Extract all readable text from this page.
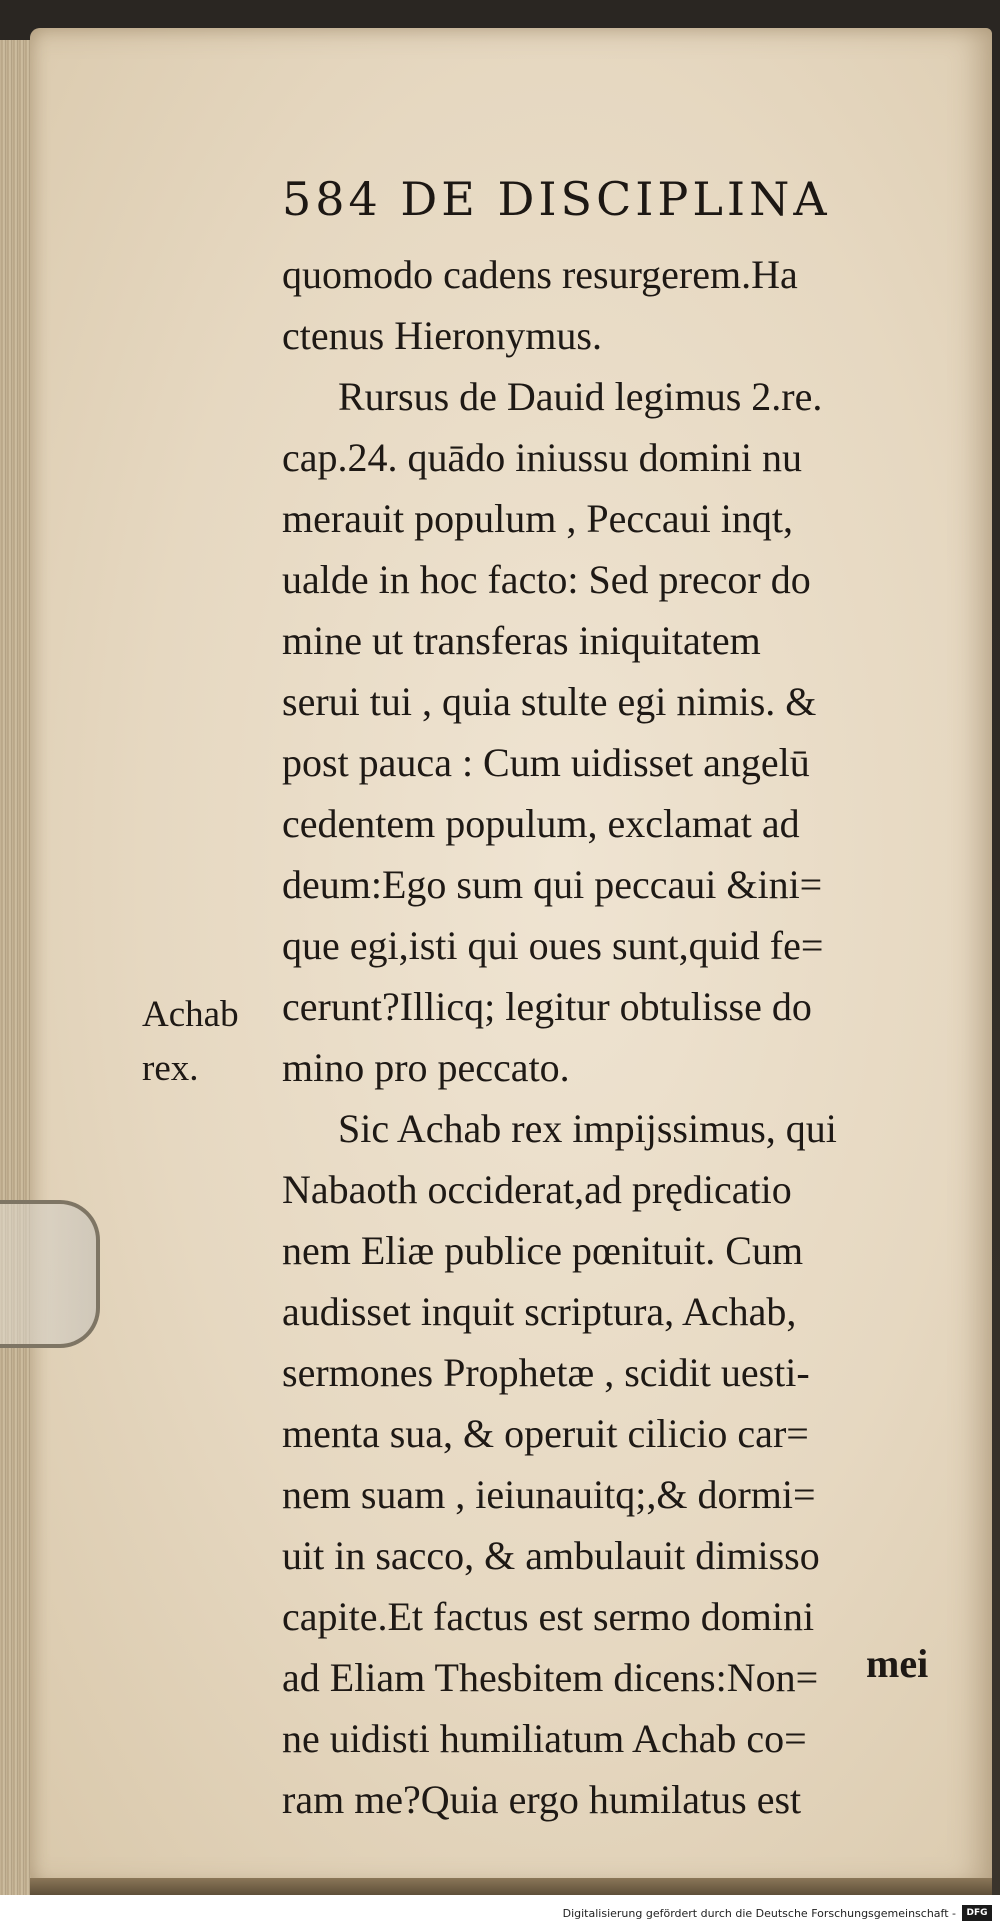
584 DE DISCIPLINA
quomodo cadens resurgerem.Ha
ctenus Hieronymus.
Rursus de Dauid legimus 2.re.
cap.24. quādo iniussu domini nu
merauit populum , Peccaui inqt,
ualde in hoc facto: Sed precor do
mine ut transferas iniquitatem
serui tui , quia stulte egi nimis. &
post pauca : Cum uidisset angelū
cedentem populum, exclamat ad
deum:Ego sum qui peccaui &ini=
que egi,isti qui oues sunt,quid fe=
cerunt?Illicq; legitur obtulisse do
mino pro peccato.
Sic Achab rex impijssimus, qui
Nabaoth occiderat,ad prędicatio
nem Eliæ publice pœnituit. Cum
audisset inquit scriptura, Achab,
sermones Prophetæ , scidit uesti-
menta sua, & operuit cilicio car=
nem suam , ieiunauitq;,& dormi=
uit in sacco, & ambulauit dimisso
capite.Et factus est sermo domini
ad Eliam Thesbitem dicens:Non=
ne uidisti humiliatum Achab co=
ram me?Quia ergo humilatus est
Achab
rex.
mei
Digitalisierung gefördert durch die Deutsche Forschungsgemeinschaft -	DFG
